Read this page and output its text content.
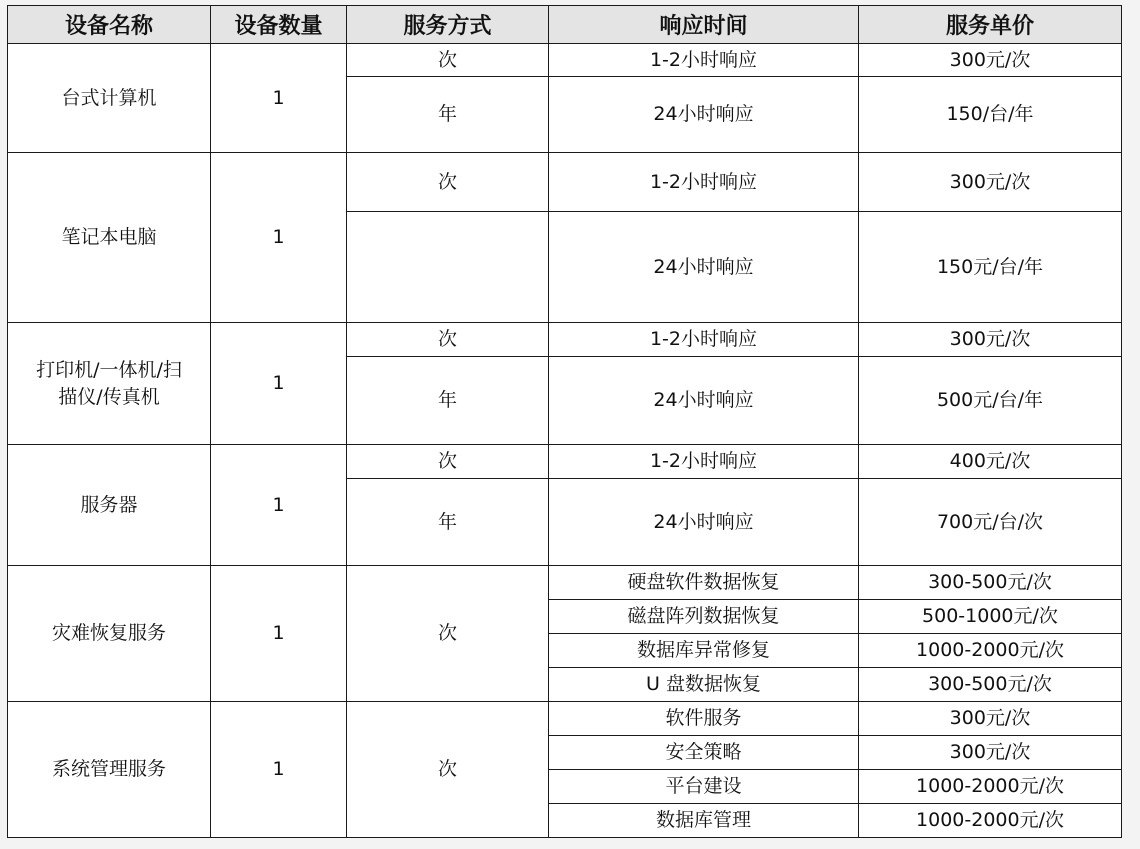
设备名称	设备数量	服务方式	响应时间	服务单价
台式计算机	1	次	1-2小时响应	300元/次
		年	24小时响应	150/台/年
笔记本电脑	1	次	1-2小时响应	300元/次
			24小时响应	150元/台/年

打印机/一体机/扫
描仪/传真机	1	次	1-2小时响应	300元/次
		年	24小时响应	500元/台/年
服务器	1	次	1-2小时响应	400元/次
		年	24小时响应	700元/台/次
灾难恢复服务	1	次	硬盘软件数据恢复	300-500元/次
			磁盘阵列数据恢复	500-1000元/次
			数据库异常修复	1000-2000元/次
			U 盘数据恢复	300-500元/次
系统管理服务	1	次	软件服务	300元/次
			安全策略	300元/次
			平台建设	1000-2000元/次
			数据库管理	1000-2000元/次
